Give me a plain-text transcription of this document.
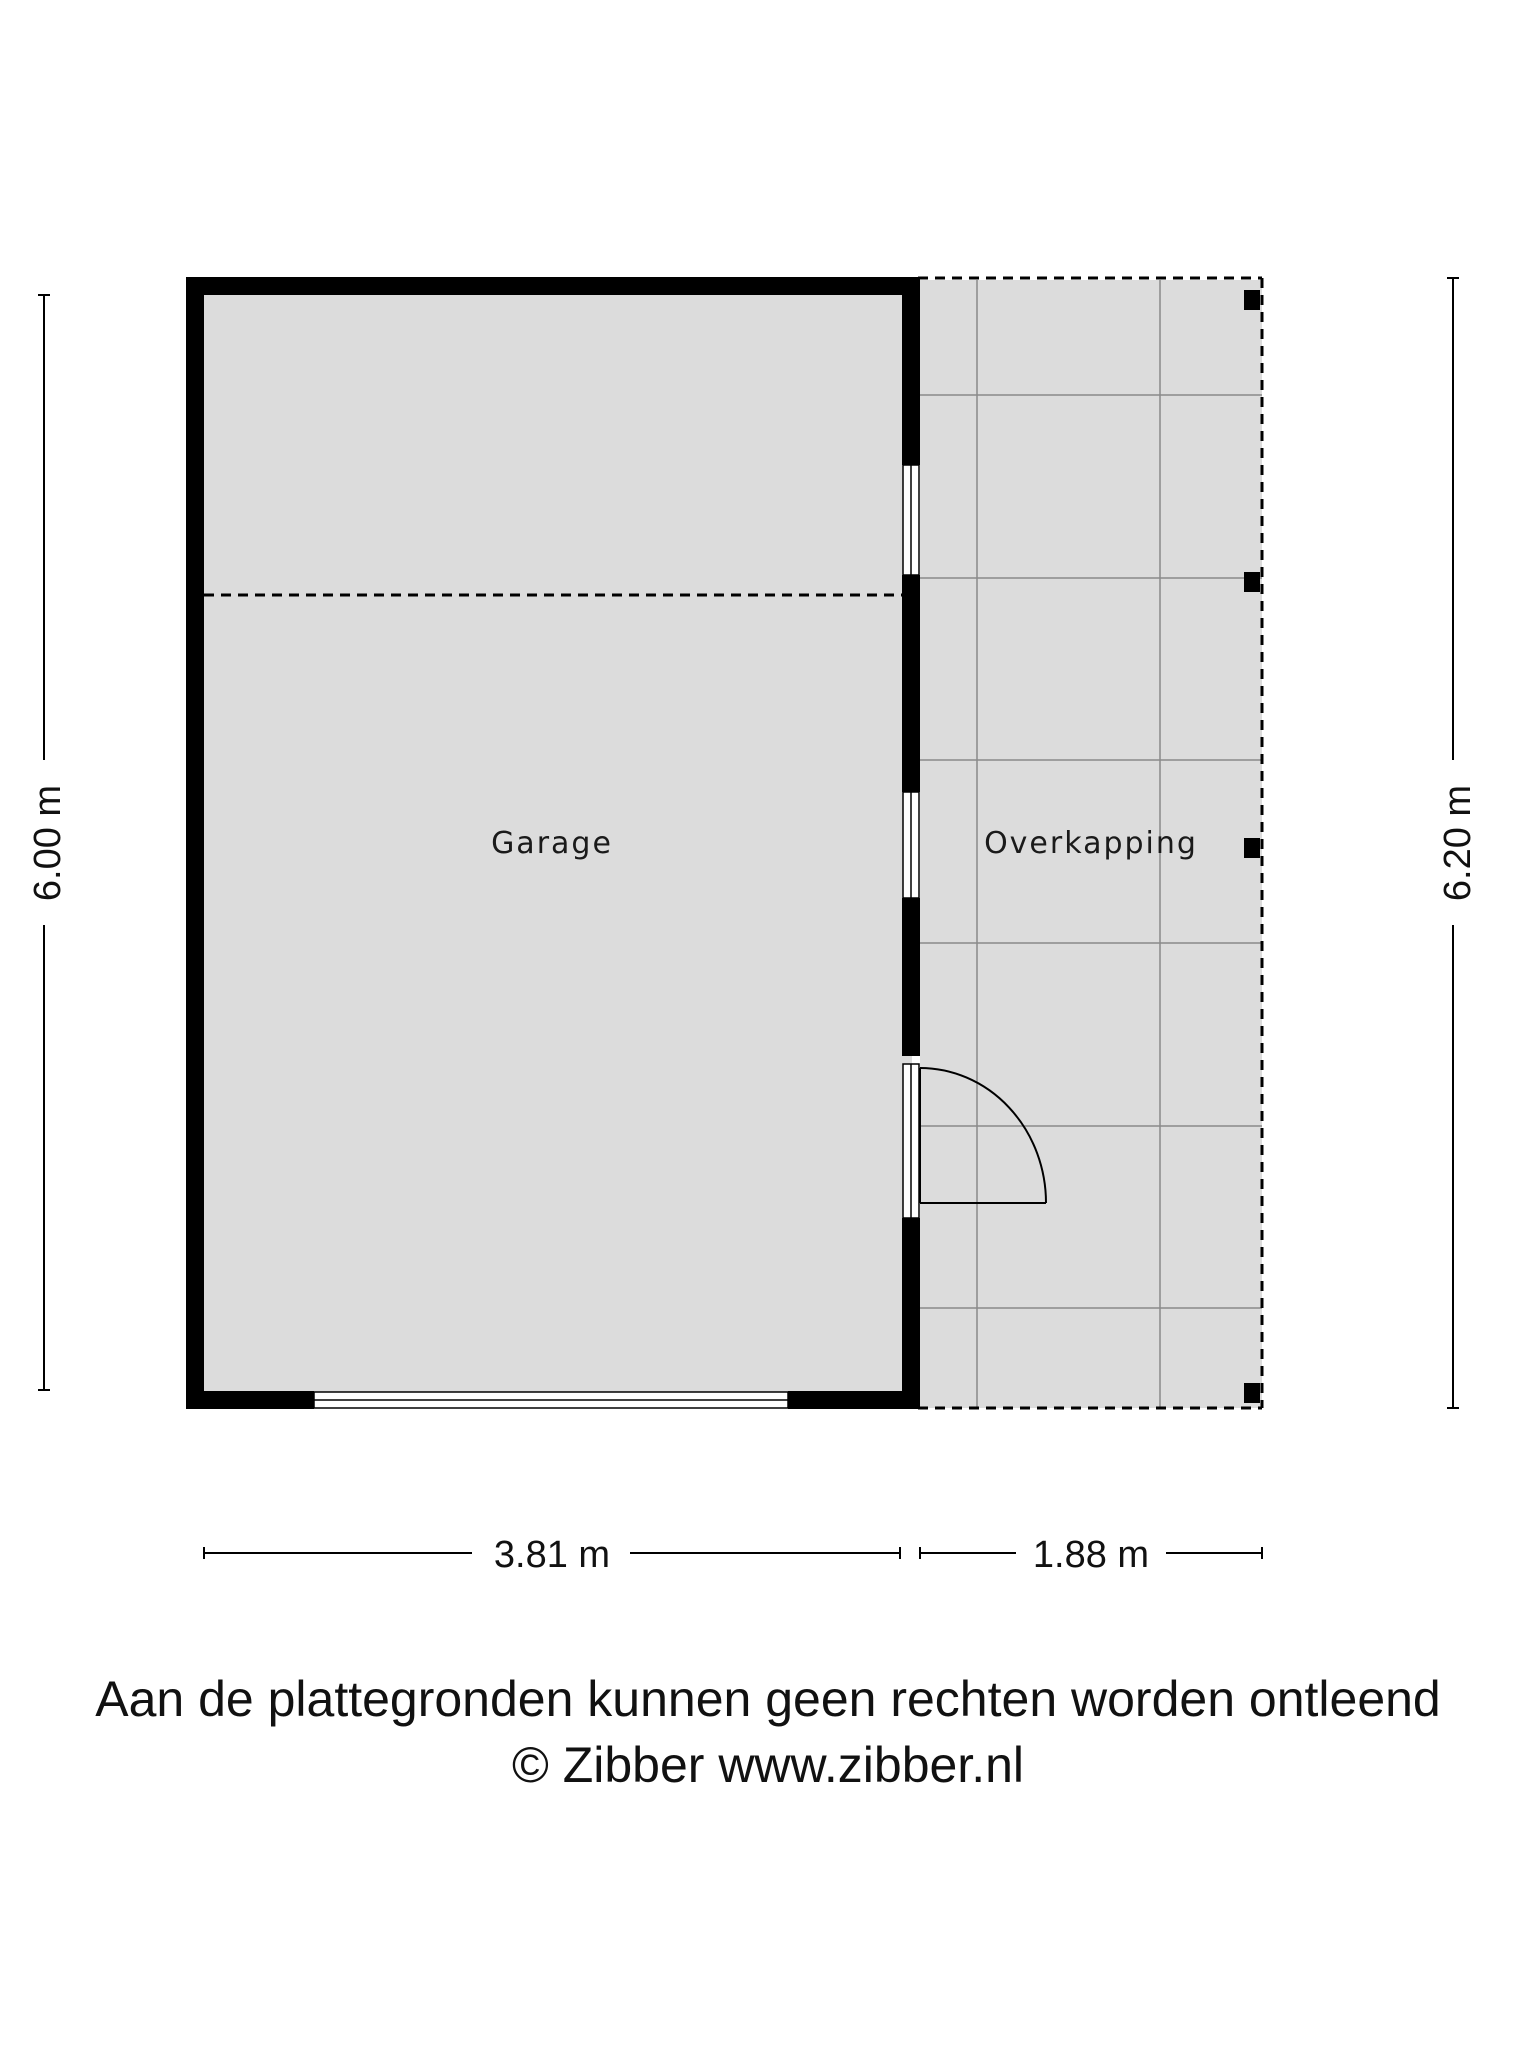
Garage	Overkapping
6.00 m	6.20 m
3.81 m	1.88 m
Aan de plattegronden kunnen geen rechten worden ontleend
© Zibber www.zibber.nl
